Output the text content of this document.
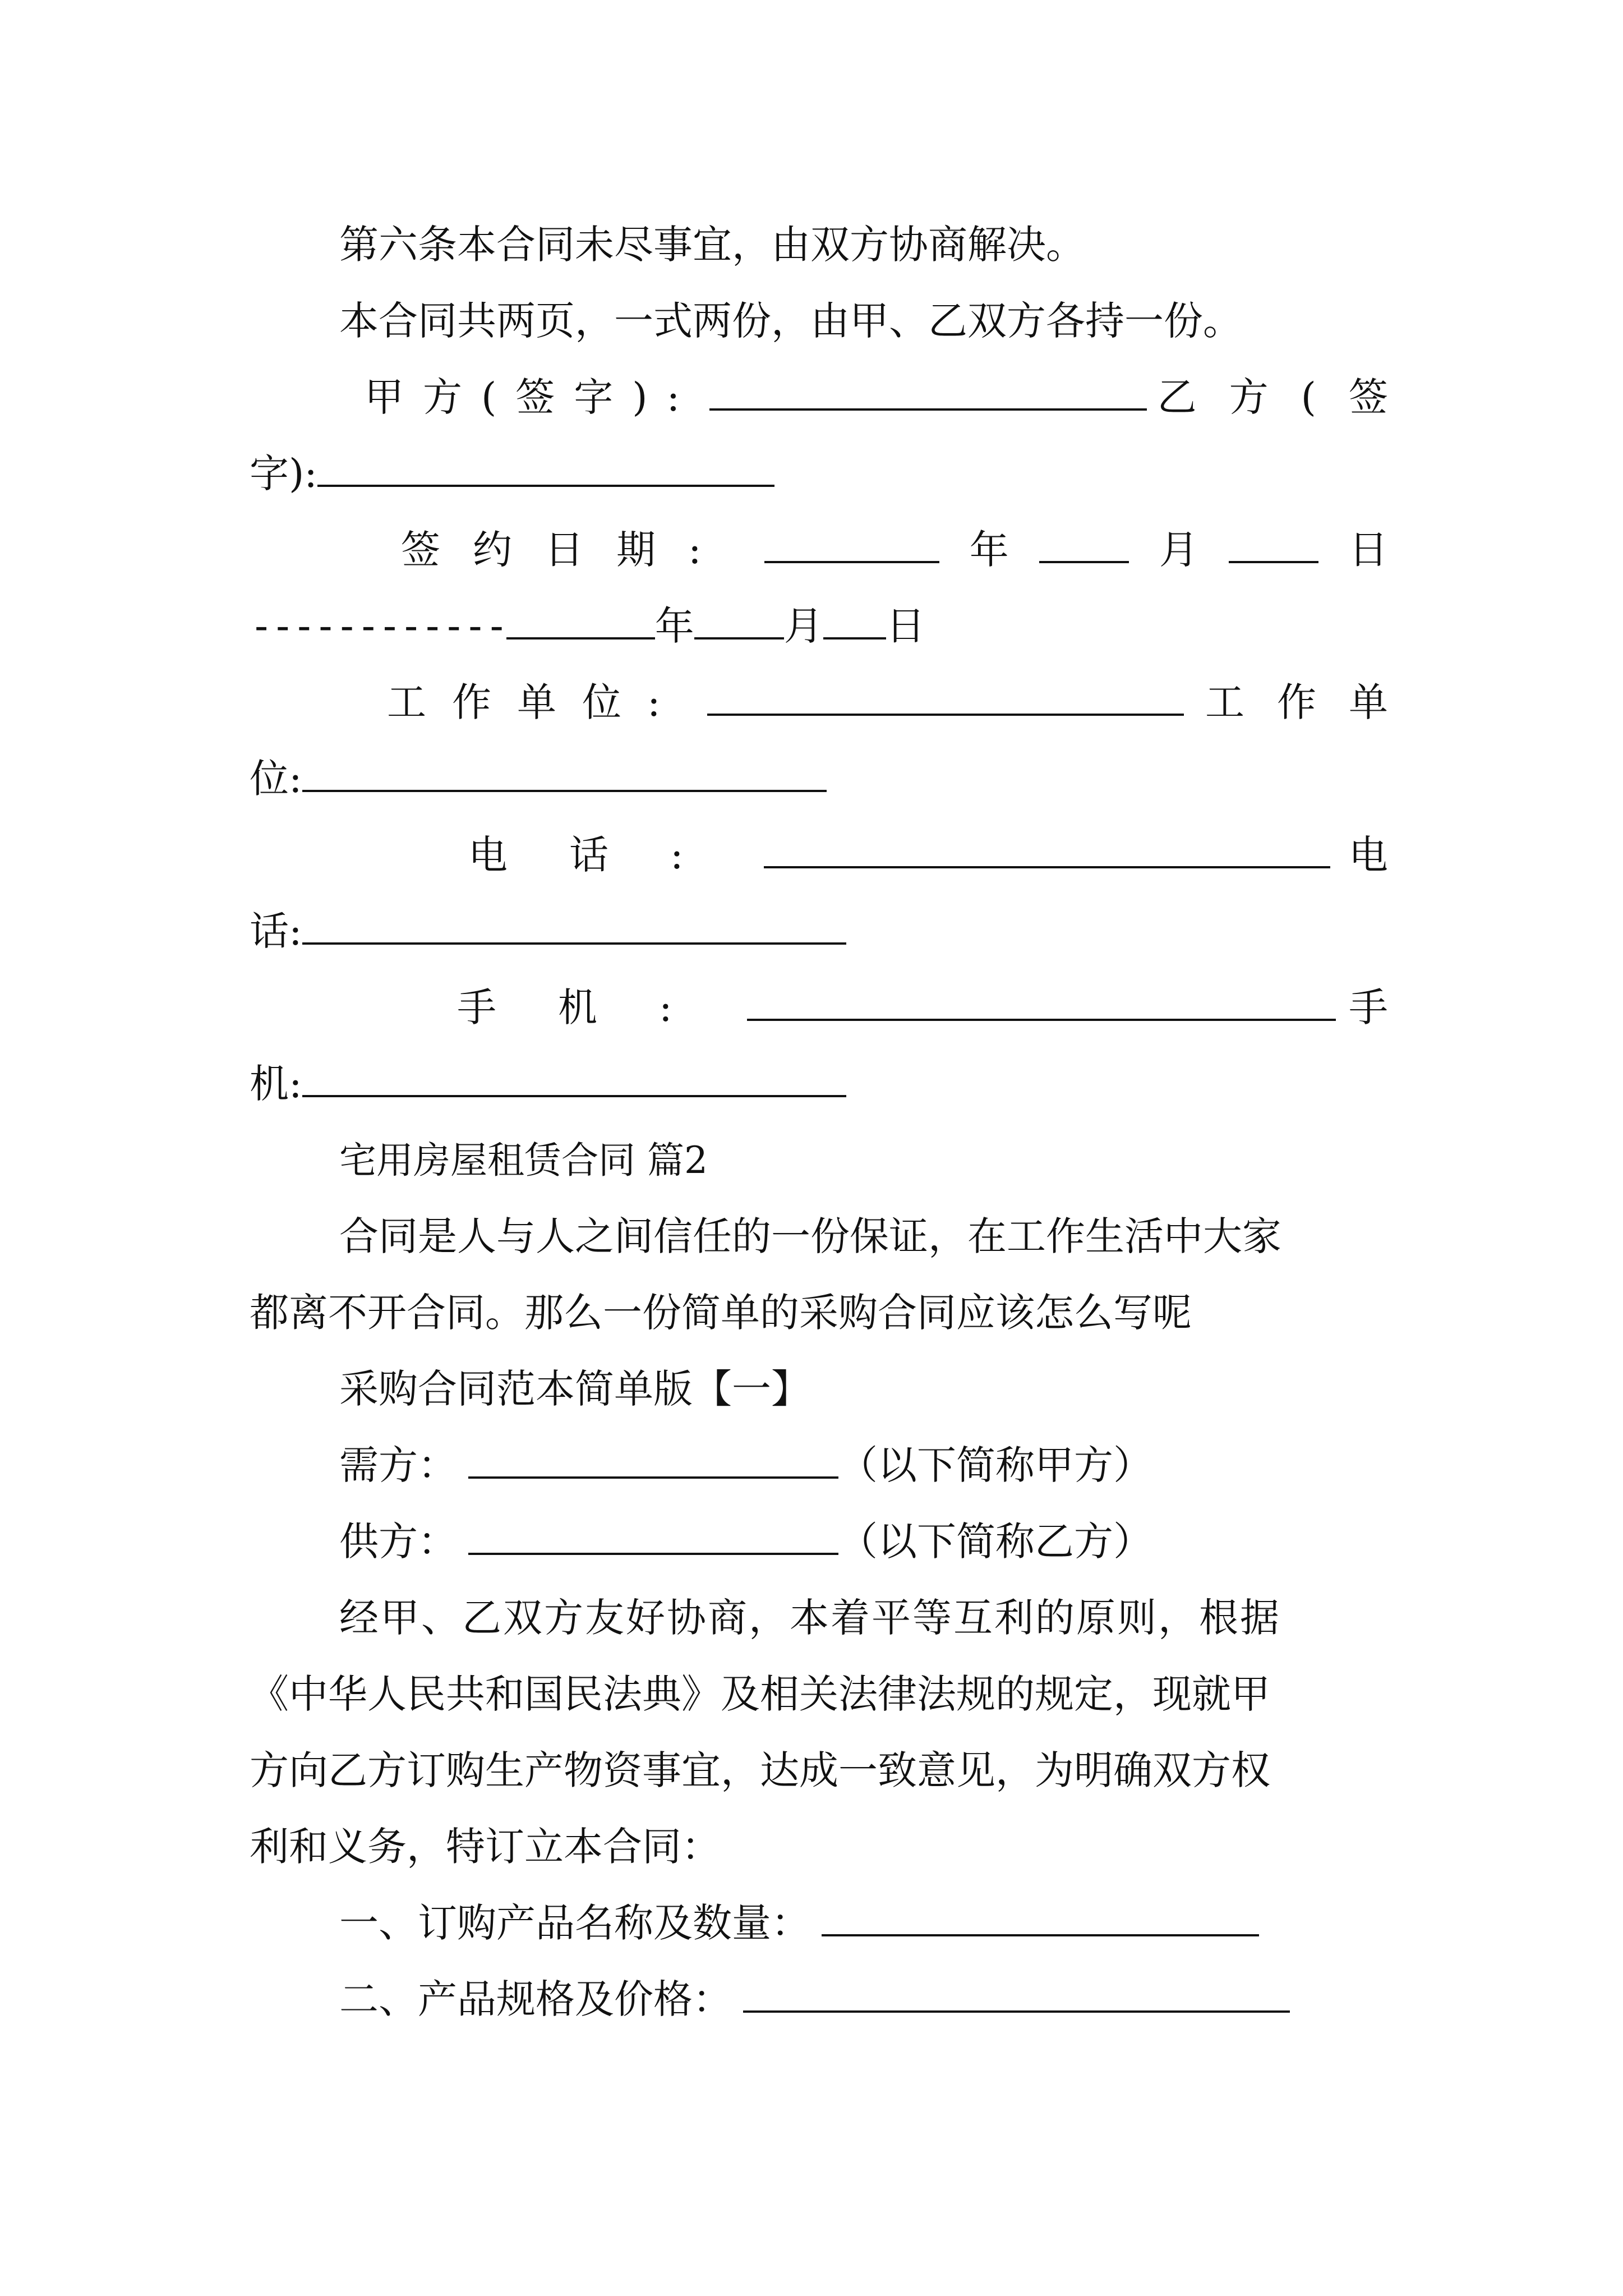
第六条本合同未尽事宜，由双方协商解决。
本合同共两页，一式两份，由甲、乙双方各持一份。
甲方(签字):	乙方(签
字):
签约日期:	年	月	日
------------	年 月 日
工作单位:	工作单
位:
电话:	电
话:
手机:	手
机:
宅用房屋租赁合同 篇2
合同是人与人之间信任的一份保证，在工作生活中大家
都离不开合同。那么一份简单的采购合同应该怎么写呢
采购合同范本简单版【一】
需方：	（以下简称甲方）
供方：	（以下简称乙方）
经甲、乙双方友好协商，本着平等互利的原则，根据
《中华人民共和国民法典》及相关法律法规的规定，现就甲
方向乙方订购生产物资事宜，达成一致意见，为明确双方权
利和义务，特订立本合同：
一、订购产品名称及数量：
二、产品规格及价格：
